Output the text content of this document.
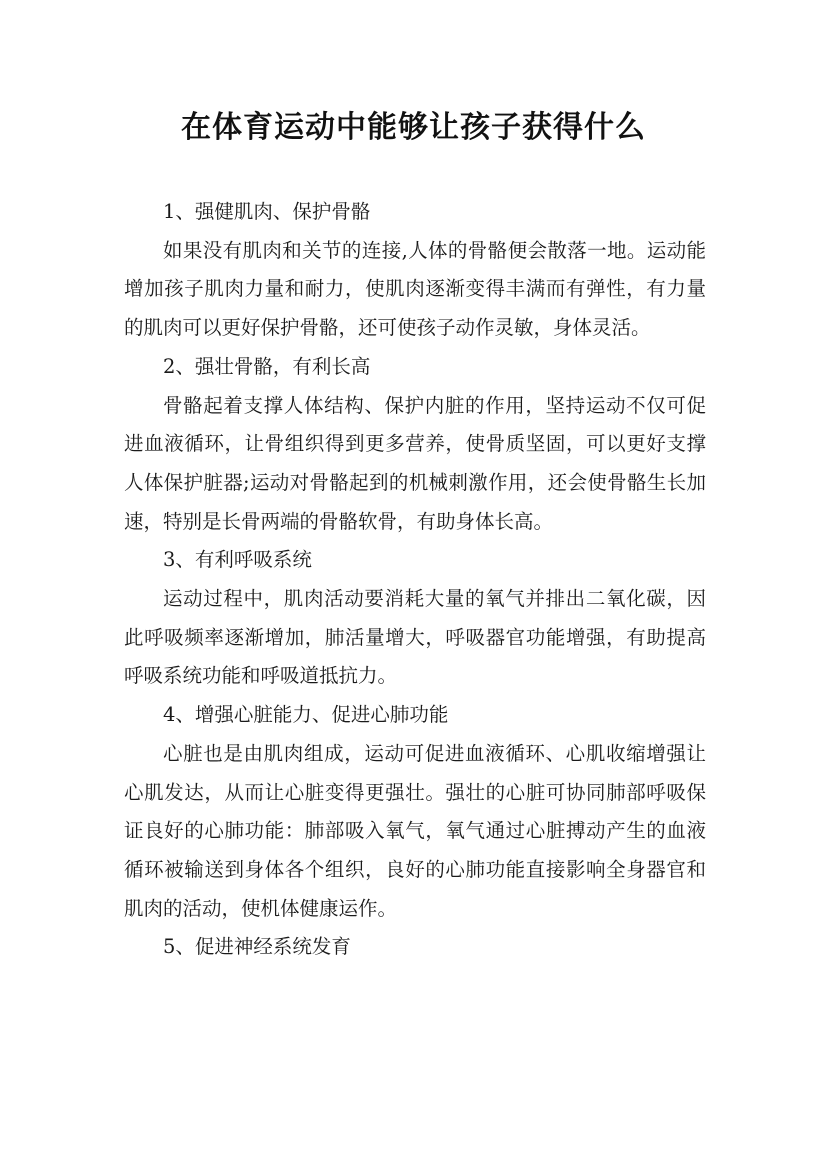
在体育运动中能够让孩子获得什么

1、强健肌肉、保护骨骼

如果没有肌肉和关节的连接,人体的骨骼便会散落一地。运动能增加孩子肌肉力量和耐力，使肌肉逐渐变得丰满而有弹性，有力量的肌肉可以更好保护骨骼，还可使孩子动作灵敏，身体灵活。

2、强壮骨骼，有利长高

骨骼起着支撑人体结构、保护内脏的作用，坚持运动不仅可促进血液循环，让骨组织得到更多营养，使骨质坚固，可以更好支撑人体保护脏器;运动对骨骼起到的机械刺激作用，还会使骨骼生长加速，特别是长骨两端的骨骼软骨，有助身体长高。

3、有利呼吸系统

运动过程中，肌肉活动要消耗大量的氧气并排出二氧化碳，因此呼吸频率逐渐增加，肺活量增大，呼吸器官功能增强，有助提高呼吸系统功能和呼吸道抵抗力。

4、增强心脏能力、促进心肺功能

心脏也是由肌肉组成，运动可促进血液循环、心肌收缩增强让心肌发达，从而让心脏变得更强壮。强壮的心脏可协同肺部呼吸保证良好的心肺功能：肺部吸入氧气，氧气通过心脏搏动产生的血液循环被输送到身体各个组织，良好的心肺功能直接影响全身器官和肌肉的活动，使机体健康运作。

5、促进神经系统发育
